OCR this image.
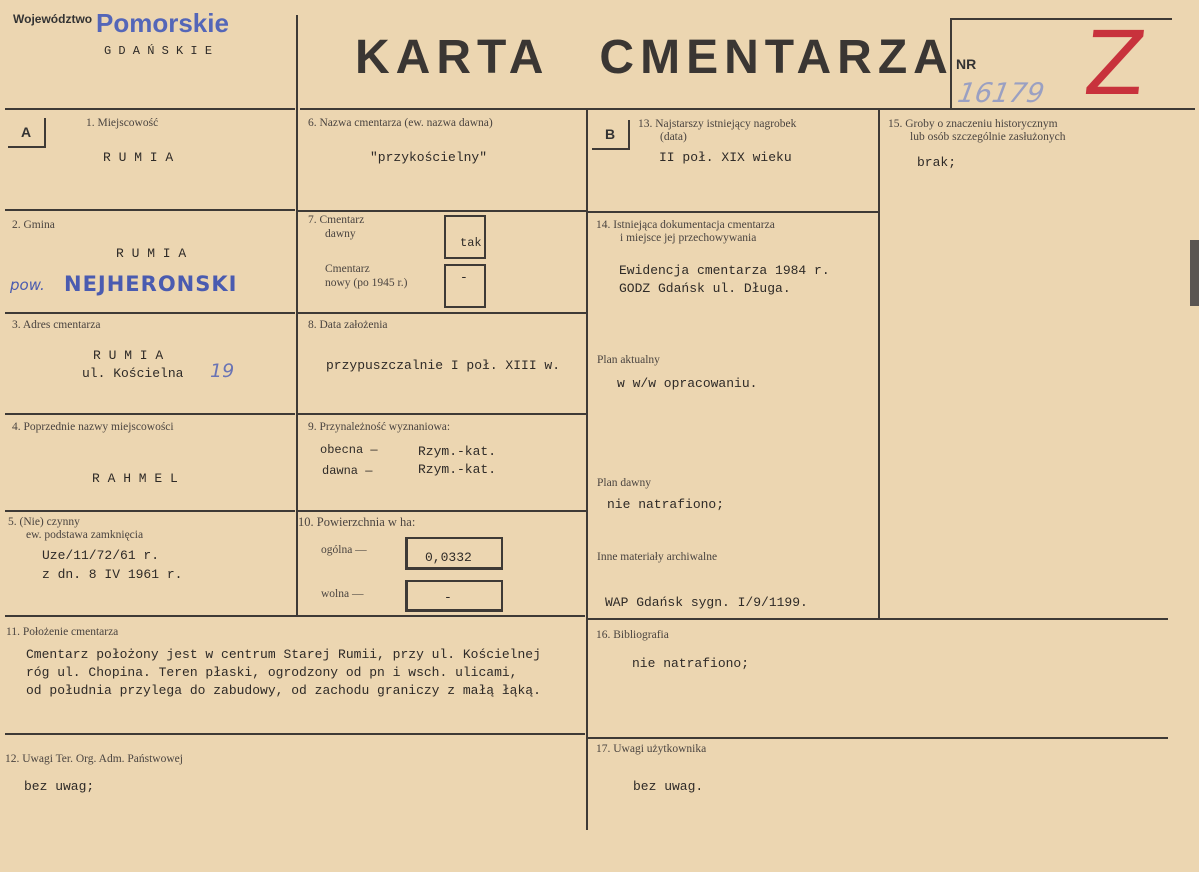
Województwo Pomorskie
G D A Ń S K I E	KARTA CMENTARZA NR
16179 Z
A	B
1. Miejscowość
R U M I A
2. Gmina
R U M I A
pow. NEJHERONSKI
3. Adres cmentarza
R U M I A
ul. Kościelna 19
4. Poprzednie nazwy miejscowości
R A H M E L
5. (Nie) czynny
ew. podstawa zamknięcia
Uze/11/72/61 r.
z dn. 8 IV 1961 r.
6. Nazwa cmentarza (ew. nazwa dawna)
"przykościelny"
7. Cmentarz
dawny
tak
Cmentarz
nowy (po 1945 r.)	-
8. Data założenia
przypuszczalnie I poł. XIII w.
9. Przynależność wyznaniowa:
obecna —	Rzym.-kat.
dawna —	Rzym.-kat.
10. Powierzchnia w ha:
ogólna —	0,0332
wolna —	-
11. Położenie cmentarza
Cmentarz położony jest w centrum Starej Rumii, przy ul. Kościelnej
róg ul. Chopina. Teren płaski, ogrodzony od pn i wsch. ulicami,
od południa przylega do zabudowy, od zachodu graniczy z małą łąką.
12. Uwagi Ter. Org. Adm. Państwowej
bez uwag;
13. Najstarszy istniejący nagrobek
(data)
II poł. XIX wieku
14. Istniejąca dokumentacja cmentarza
i miejsce jej przechowywania
Ewidencja cmentarza 1984 r.
GODZ Gdańsk ul. Długa.
Plan aktualny
w w/w opracowaniu.
Plan dawny
nie natrafiono;
Inne materiały archiwalne
WAP Gdańsk sygn. I/9/1199.
15. Groby o znaczeniu historycznym
lub osób szczególnie zasłużonych
brak;
16. Bibliografia
nie natrafiono;
17. Uwagi użytkownika
bez uwag.
